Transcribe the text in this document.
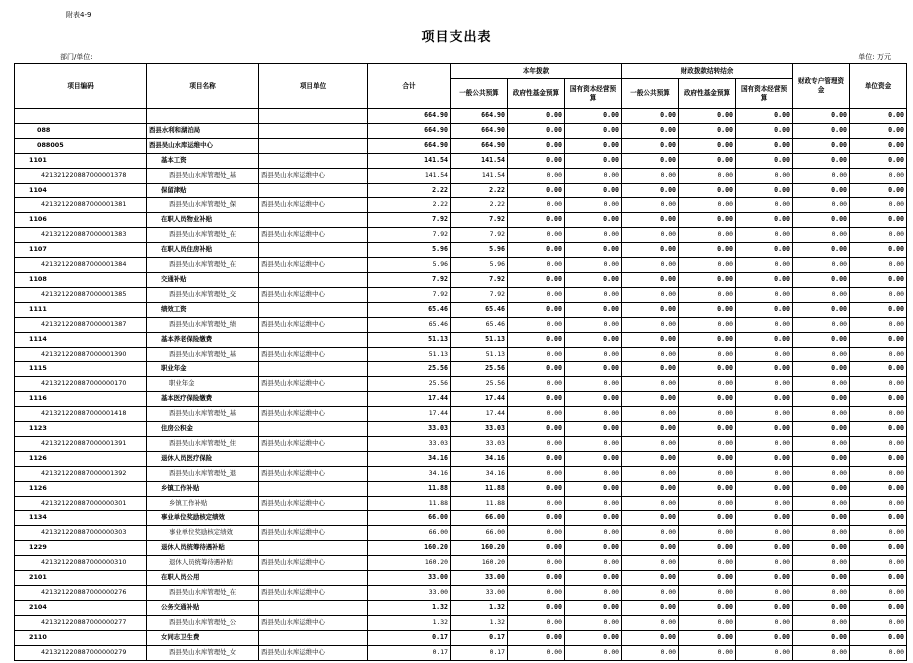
附表4-9
项目支出表
部门/单位:	单位: 万元
项目编码	项目名称	项目单位	合计	本年拨款			财政拨款结转结余			财政专户管理资金	单位资金
				一般公共预算	政府性基金预算	国有资本经营预算	一般公共预算	政府性基金预算	国有资本经营预算		
			664.90	664.90	0.00	0.00	0.00	0.00	0.00	0.00	0.00
088	酉县水利和湖泊局		664.90	664.90	0.00	0.00	0.00	0.00	0.00	0.00	0.00
088005	酉县吴山水库运维中心		664.90	664.90	0.00	0.00	0.00	0.00	0.00	0.00	0.00
1101	基本工资		141.54	141.54	0.00	0.00	0.00	0.00	0.00	0.00	0.00
421321220887000001378	酉县吴山水库管理处_基	酉县吴山水库运维中心	141.54	141.54	0.00	0.00	0.00	0.00	0.00	0.00	0.00
1104	保留津贴		2.22	2.22	0.00	0.00	0.00	0.00	0.00	0.00	0.00
421321220887000001381	酉县吴山水库管理处_保	酉县吴山水库运维中心	2.22	2.22	0.00	0.00	0.00	0.00	0.00	0.00	0.00
1106	在职人员物业补贴		7.92	7.92	0.00	0.00	0.00	0.00	0.00	0.00	0.00
421321220887000001383	酉县吴山水库管理处_在	酉县吴山水库运维中心	7.92	7.92	0.00	0.00	0.00	0.00	0.00	0.00	0.00
1107	在职人员住房补贴		5.96	5.96	0.00	0.00	0.00	0.00	0.00	0.00	0.00
421321220887000001384	酉县吴山水库管理处_在	酉县吴山水库运维中心	5.96	5.96	0.00	0.00	0.00	0.00	0.00	0.00	0.00
1108	交通补贴		7.92	7.92	0.00	0.00	0.00	0.00	0.00	0.00	0.00
421321220887000001385	酉县吴山水库管理处_交	酉县吴山水库运维中心	7.92	7.92	0.00	0.00	0.00	0.00	0.00	0.00	0.00
1111	绩效工资		65.46	65.46	0.00	0.00	0.00	0.00	0.00	0.00	0.00
421321220887000001387	酉县吴山水库管理处_绩	酉县吴山水库运维中心	65.46	65.46	0.00	0.00	0.00	0.00	0.00	0.00	0.00
1114	基本养老保险缴费		51.13	51.13	0.00	0.00	0.00	0.00	0.00	0.00	0.00
421321220887000001390	酉县吴山水库管理处_基	酉县吴山水库运维中心	51.13	51.13	0.00	0.00	0.00	0.00	0.00	0.00	0.00
1115	职业年金		25.56	25.56	0.00	0.00	0.00	0.00	0.00	0.00	0.00
421321220887000000170	职业年金	酉县吴山水库运维中心	25.56	25.56	0.00	0.00	0.00	0.00	0.00	0.00	0.00
1116	基本医疗保险缴费		17.44	17.44	0.00	0.00	0.00	0.00	0.00	0.00	0.00
421321220887000001418	酉县吴山水库管理处_基	酉县吴山水库运维中心	17.44	17.44	0.00	0.00	0.00	0.00	0.00	0.00	0.00
1123	住房公积金		33.03	33.03	0.00	0.00	0.00	0.00	0.00	0.00	0.00
421321220887000001391	酉县吴山水库管理处_住	酉县吴山水库运维中心	33.03	33.03	0.00	0.00	0.00	0.00	0.00	0.00	0.00
1126	退休人员医疗保险		34.16	34.16	0.00	0.00	0.00	0.00	0.00	0.00	0.00
421321220887000001392	酉县吴山水库管理处_退	酉县吴山水库运维中心	34.16	34.16	0.00	0.00	0.00	0.00	0.00	0.00	0.00
1126	乡镇工作补贴		11.88	11.88	0.00	0.00	0.00	0.00	0.00	0.00	0.00
421321220887000000301	乡镇工作补贴	酉县吴山水库运维中心	11.88	11.88	0.00	0.00	0.00	0.00	0.00	0.00	0.00
1134	事业单位奖励核定绩效		66.00	66.00	0.00	0.00	0.00	0.00	0.00	0.00	0.00
421321220887000000303	事业单位奖励核定绩效	酉县吴山水库运维中心	66.00	66.00	0.00	0.00	0.00	0.00	0.00	0.00	0.00
1229	退休人员统筹待遇补贴		160.20	160.20	0.00	0.00	0.00	0.00	0.00	0.00	0.00
421321220887000000310	退休人员统筹待遇补贴	酉县吴山水库运维中心	160.20	160.20	0.00	0.00	0.00	0.00	0.00	0.00	0.00
2101	在职人员公用		33.00	33.00	0.00	0.00	0.00	0.00	0.00	0.00	0.00
421321220887000000276	酉县吴山水库管理处_在	酉县吴山水库运维中心	33.00	33.00	0.00	0.00	0.00	0.00	0.00	0.00	0.00
2104	公务交通补贴		1.32	1.32	0.00	0.00	0.00	0.00	0.00	0.00	0.00
421321220887000000277	酉县吴山水库管理处_公	酉县吴山水库运维中心	1.32	1.32	0.00	0.00	0.00	0.00	0.00	0.00	0.00
2110	女同志卫生费		0.17	0.17	0.00	0.00	0.00	0.00	0.00	0.00	0.00
421321220887000000279	酉县吴山水库管理处_女	酉县吴山水库运维中心	0.17	0.17	0.00	0.00	0.00	0.00	0.00	0.00	0.00
